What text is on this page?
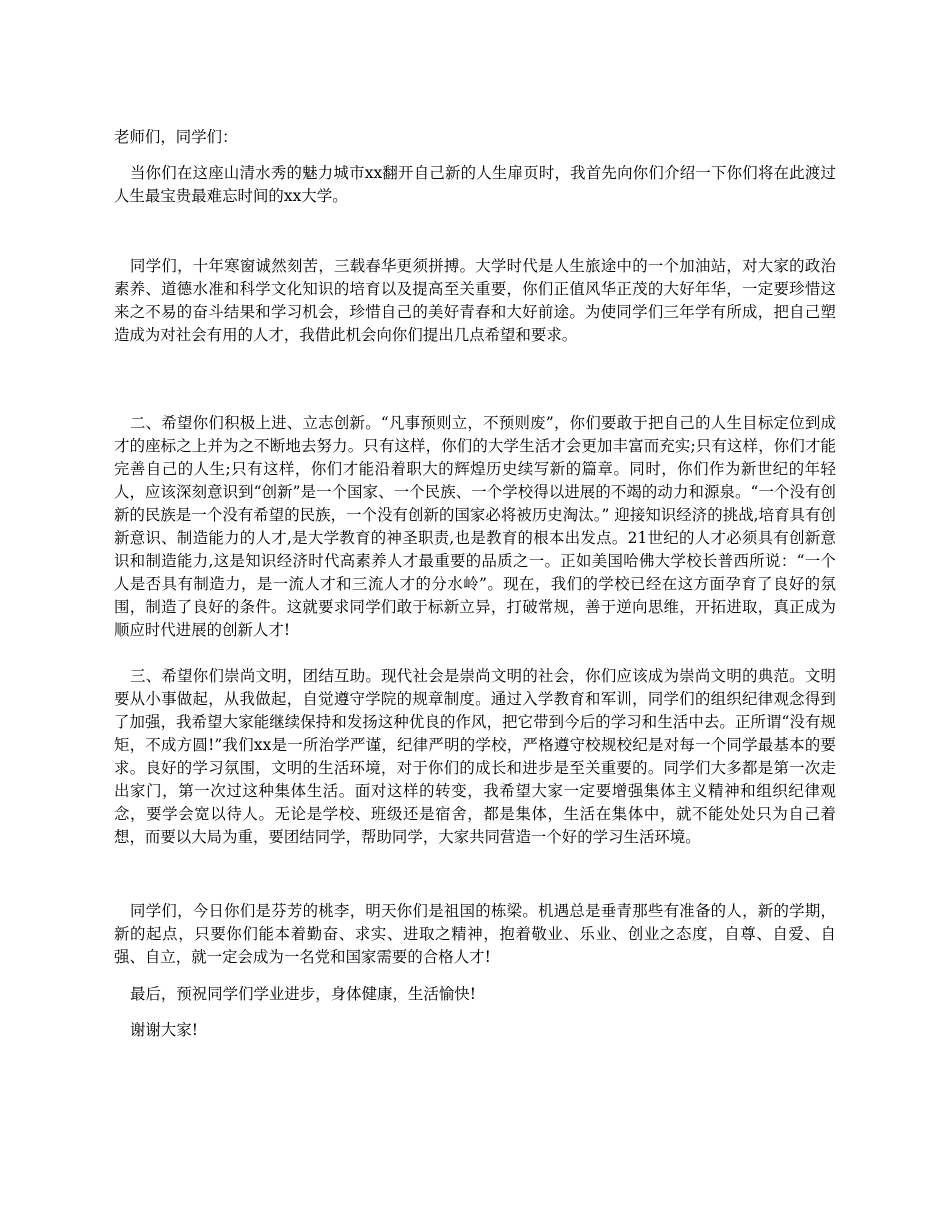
老师们，同学们：

当你们在这座山清水秀的魅力城市xx翻开自己新的人生扉页时，我首先向你们介绍一下你们将在此渡过人生最宝贵最难忘时间的xx大学。

同学们，十年寒窗诚然刻苦，三载春华更须拼搏。大学时代是人生旅途中的一个加油站，对大家的政治素养、道德水准和科学文化知识的培育以及提高至关重要，你们正值风华正茂的大好年华，一定要珍惜这来之不易的奋斗结果和学习机会，珍惜自己的美好青春和大好前途。为使同学们三年学有所成，把自己塑造成为对社会有用的人才，我借此机会向你们提出几点希望和要求。

二、希望你们积极上进、立志创新。“凡事预则立，不预则废”，你们要敢于把自己的人生目标定位到成才的座标之上并为之不断地去努力。只有这样，你们的大学生活才会更加丰富而充实;只有这样，你们才能完善自己的人生;只有这样，你们才能沿着职大的辉煌历史续写新的篇章。同时，你们作为新世纪的年轻人，应该深刻意识到“创新”是一个国家、一个民族、一个学校得以进展的不竭的动力和源泉。“一个没有创新的民族是一个没有希望的民族，一个没有创新的国家必将被历史淘汰。” 迎接知识经济的挑战,培育具有创新意识、制造能力的人才,是大学教育的神圣职责,也是教育的根本出发点。21世纪的人才必须具有创新意识和制造能力,这是知识经济时代高素养人才最重要的品质之一。正如美国哈佛大学校长普西所说：“一个人是否具有制造力，是一流人才和三流人才的分水岭”。现在，我们的学校已经在这方面孕育了良好的氛围，制造了良好的条件。这就要求同学们敢于标新立异，打破常规，善于逆向思维，开拓进取，真正成为顺应时代进展的创新人才!

三、希望你们崇尚文明，团结互助。现代社会是崇尚文明的社会，你们应该成为崇尚文明的典范。文明要从小事做起，从我做起，自觉遵守学院的规章制度。通过入学教育和军训，同学们的组织纪律观念得到了加强，我希望大家能继续保持和发扬这种优良的作风，把它带到今后的学习和生活中去。正所谓“没有规矩，不成方圆!”我们xx是一所治学严谨，纪律严明的学校，严格遵守校规校纪是对每一个同学最基本的要求。良好的学习氛围，文明的生活环境，对于你们的成长和进步是至关重要的。同学们大多都是第一次走出家门，第一次过这种集体生活。面对这样的转变，我希望大家一定要增强集体主义精神和组织纪律观念，要学会宽以待人。无论是学校、班级还是宿舍，都是集体，生活在集体中，就不能处处只为自己着想，而要以大局为重，要团结同学，帮助同学，大家共同营造一个好的学习生活环境。

同学们，今日你们是芬芳的桃李，明天你们是祖国的栋梁。机遇总是垂青那些有准备的人，新的学期，新的起点，只要你们能本着勤奋、求实、进取之精神，抱着敬业、乐业、创业之态度，自尊、自爱、自强、自立，就一定会成为一名党和国家需要的合格人才!

最后，预祝同学们学业进步，身体健康，生活愉快!

谢谢大家!
